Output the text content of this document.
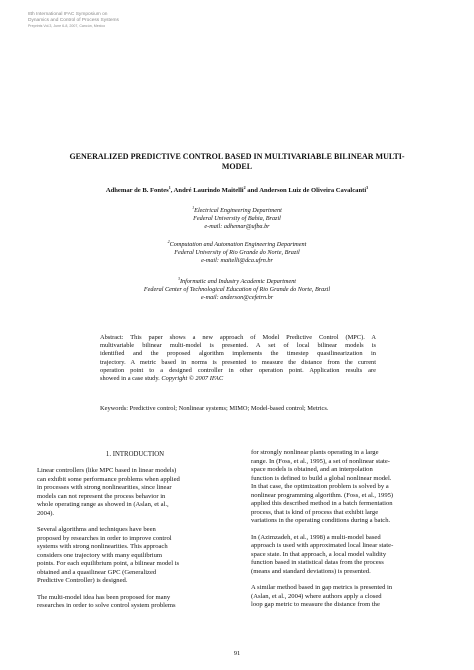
8th International IFAC Symposium on
Dynamics and Control of Process Systems
Preprints Vol.3, June 6-8, 2007, Cancún, Mexico
GENERALIZED PREDICTIVE CONTROL BASED IN MULTIVARIABLE BILINEAR MULTI-
MODEL
Adhemar de B. Fontes$^1$, André Laurindo Maitelli$^2$ and Anderson Luiz de Oliveira Cavalcanti$^3$
$^1$Electrical Engineering Department
Federal University of Bahia, Brazil
e-mail: adhemar@ufba.br
$^2$Computation and Automation Engineering Department
Federal University of Rio Grande do Norte, Brazil
e-mail: maitelli@dca.ufrn.br
$^3$Informatic and Industry Academic Department
Federal Center of Technological Education of Rio Grande do Norte, Brazil
e-mail: anderson@cefetrn.br
Abstract: This paper shows a new approach of Model Predictive Control (MPC). A
multivariable bilinear multi-model is presented. A set of local bilinear models is
identified and the proposed algorithm implements the timestep quasilinearization in
trajectory. A metric based in norms is presented to measure the distance from the current
operation point to a designed controller in other operation point. Application results are
showed in a case study. Copyright © 2007 IFAC
Keywords: Predictive control; Nonlinear systems; MIMO; Model-based control; Metrics.
1. INTRODUCTION
Linear controllers (like MPC based in linear models)
can exhibit some performance problems when applied
in processes with strong nonlinearities, since linear
models can not represent the process behavior in
whole operating range as showed in (Aslan, et al.,
2004).
Several algorithms and techniques have been
proposed by researches in order to improve control
systems with strong nonlinearities. This approach
considers one trajectory with many equilibrium
points. For each equilibrium point, a bilinear model is
obtained and a quasilinear GPC (Generalized
Predictive Controller) is designed.
The multi-model idea has been proposed for many
researches in order to solve control system problems
for strongly nonlinear plants operating in a large
range. In (Foss, et al., 1995), a set of nonlinear state-
space models is obtained, and an interpolation
function is defined to build a global nonlinear model.
In that case, the optimization problem is solved by a
nonlinear programming algorithm. (Foss, et al., 1995)
applied this described method in a batch fermentation
process, that is kind of process that exhibit large
variations in the operating conditions during a batch.
In (Azimzadeh, et al., 1998) a multi-model based
approach is used with approximated local linear state-
space state. In that approach, a local model validity
function based in statistical datas from the process
(means and standard deviations) is presented.
A similar method based in gap metrics is presented in
(Aslan, et al., 2004) where authors apply a closed
loop gap metric to measure the distance from the
91
